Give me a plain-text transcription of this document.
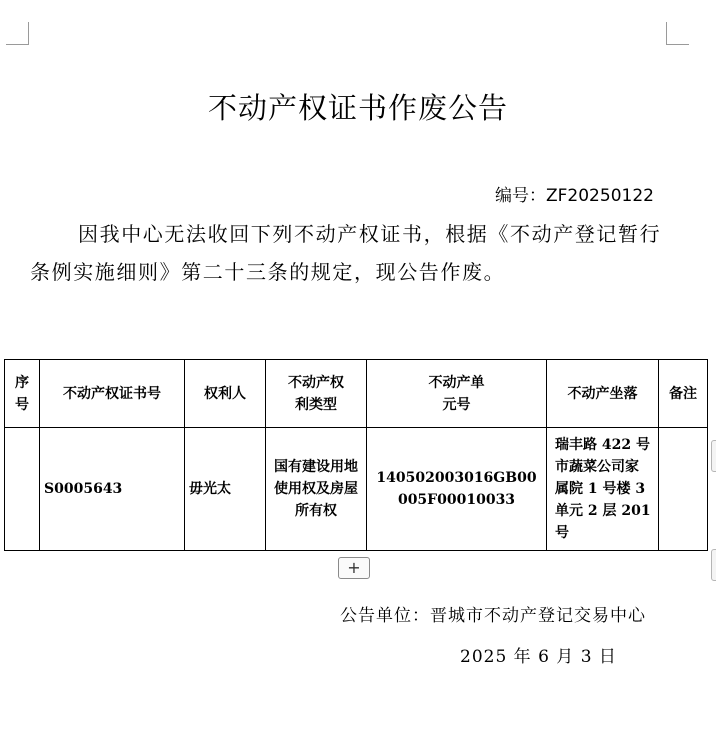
不动产权证书作废公告
编号：ZF20250122
因我中心无法收回下列不动产权证书，根据《不动产登记暂行条例实施细则》第二十三条的规定，现公告作废。
序号	不动产权证书号	权利人	不动产权利类型	不动产单元号	不动产坐落	备注
	S0005643	毋光太	国有建设用地使用权及房屋所有权	140502003016GB00005F00010033	瑞丰路 422 号市蔬菜公司家属院 1 号楼 3 单元 2 层 201 号	
+
公告单位：晋城市不动产登记交易中心
2025 年 6 月 3 日
